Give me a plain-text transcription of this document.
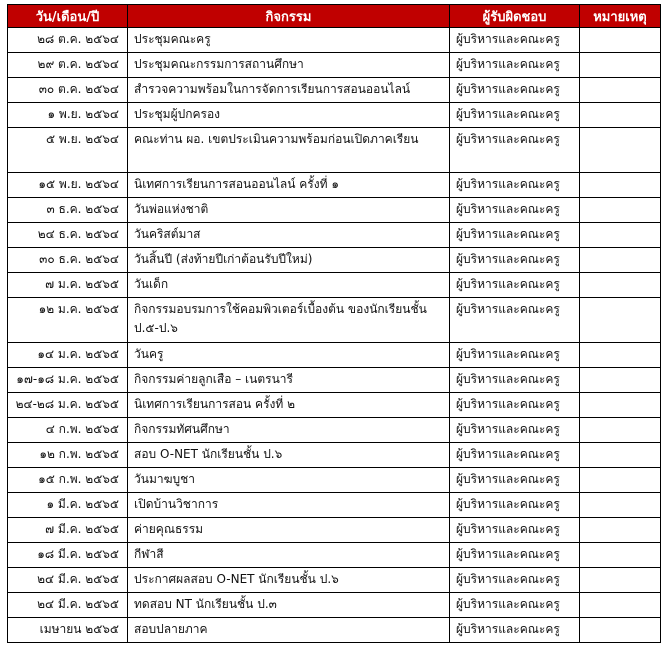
วัน/เดือน/ปี	กิจกรรม	ผู้รับผิดชอบ	หมายเหตุ
๒๘ ต.ค. ๒๕๖๔	ประชุมคณะครู	ผู้บริหารและคณะครู	
๒๙ ต.ค. ๒๕๖๔	ประชุมคณะกรรมการสถานศึกษา	ผู้บริหารและคณะครู	
๓๐ ต.ค. ๒๕๖๔	สำรวจความพร้อมในการจัดการเรียนการสอนออนไลน์	ผู้บริหารและคณะครู	
๑ พ.ย. ๒๕๖๔	ประชุมผู้ปกครอง	ผู้บริหารและคณะครู	
๕ พ.ย. ๒๕๖๔	คณะท่าน ผอ. เขตประเมินความพร้อมก่อนเปิดภาคเรียน	ผู้บริหารและคณะครู	
๑๕ พ.ย. ๒๕๖๔	นิเทศการเรียนการสอนออนไลน์ ครั้งที่ ๑	ผู้บริหารและคณะครู	
๓ ธ.ค. ๒๕๖๔	วันพ่อแห่งชาติ	ผู้บริหารและคณะครู	
๒๔ ธ.ค. ๒๕๖๔	วันคริสต์มาส	ผู้บริหารและคณะครู	
๓๐ ธ.ค. ๒๕๖๔	วันสิ้นปี (ส่งท้ายปีเก่าต้อนรับปีใหม่)	ผู้บริหารและคณะครู	
๗ ม.ค. ๒๕๖๕	วันเด็ก	ผู้บริหารและคณะครู	
๑๒ ม.ค. ๒๕๖๕	กิจกรรมอบรมการใช้คอมพิวเตอร์เบื้องต้น ของนักเรียนชั้น ป.๕-ป.๖	ผู้บริหารและคณะครู	
๑๔ ม.ค. ๒๕๖๕	วันครู	ผู้บริหารและคณะครู	
๑๗-๑๘ ม.ค. ๒๕๖๕	กิจกรรมค่ายลูกเสือ – เนตรนารี	ผู้บริหารและคณะครู	
๒๔-๒๘ ม.ค. ๒๕๖๕	นิเทศการเรียนการสอน ครั้งที่ ๒	ผู้บริหารและคณะครู	
๔ ก.พ. ๒๕๖๕	กิจกรรมทัศนศึกษา	ผู้บริหารและคณะครู	
๑๒ ก.พ. ๒๕๖๕	สอบ O-NET นักเรียนชั้น ป.๖	ผู้บริหารและคณะครู	
๑๕ ก.พ. ๒๕๖๕	วันมาฆบูชา	ผู้บริหารและคณะครู	
๑ มี.ค. ๒๕๖๕	เปิดบ้านวิชาการ	ผู้บริหารและคณะครู	
๗ มี.ค. ๒๕๖๕	ค่ายคุณธรรม	ผู้บริหารและคณะครู	
๑๘ มี.ค. ๒๕๖๕	กีฬาสี	ผู้บริหารและคณะครู	
๒๔ มี.ค. ๒๕๖๕	ประกาศผลสอบ O-NET นักเรียนชั้น ป.๖	ผู้บริหารและคณะครู	
๒๔ มี.ค. ๒๕๖๕	ทดสอบ NT นักเรียนชั้น ป.๓	ผู้บริหารและคณะครู	
เมษายน ๒๕๖๕	สอบปลายภาค	ผู้บริหารและคณะครู	
